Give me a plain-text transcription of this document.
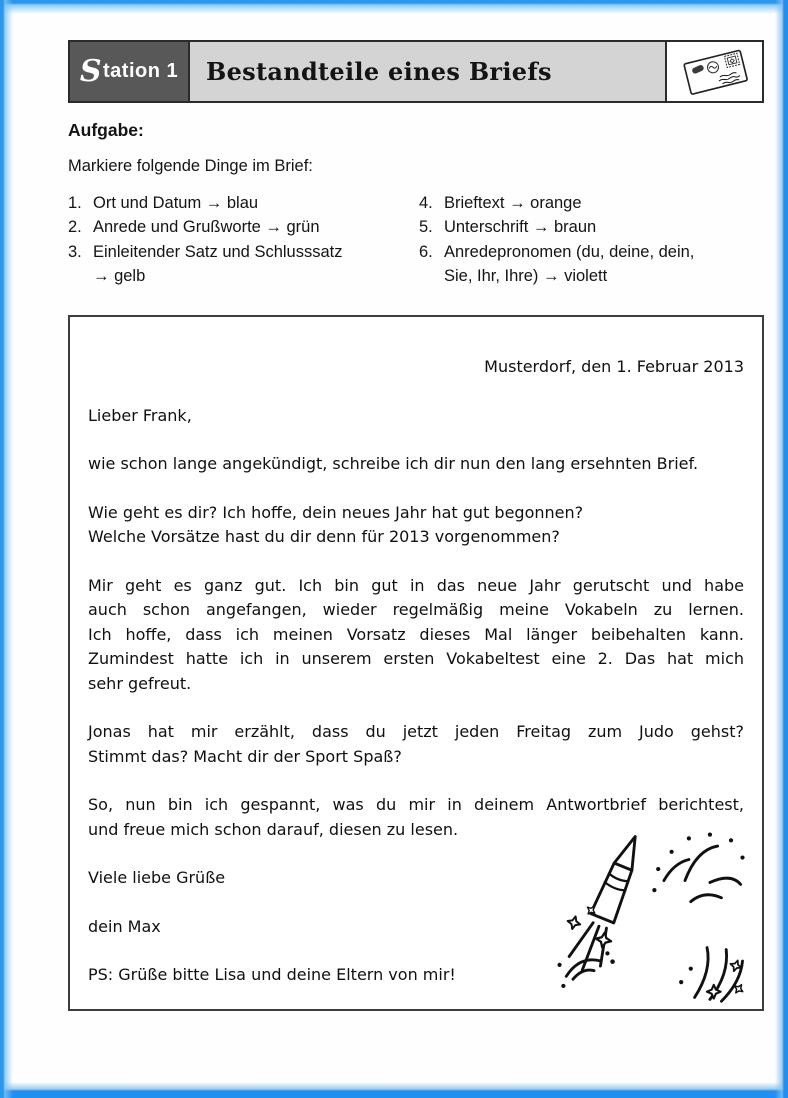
S tation 1 Bestandteile eines Briefs
Aufgabe:
Markiere folgende Dinge im Brief:
1. Ort und Datum → blau
2. Anrede und Grußworte → grün
3. Einleitender Satz und Schlusssatz
→ gelb
4. Brieftext → orange
5. Unterschrift → braun
6. Anredepronomen (du, deine, dein,
Sie, Ihr, Ihre) → violett
Musterdorf, den 1. Februar 2013
Lieber Frank,
wie schon lange angekündigt, schreibe ich dir nun den lang ersehnten Brief.
Wie geht es dir? Ich hoffe, dein neues Jahr hat gut begonnen?
Welche Vorsätze hast du dir denn für 2013 vorgenommen?
Mir geht es ganz gut. Ich bin gut in das neue Jahr gerutscht und habe
auch schon angefangen, wieder regelmäßig meine Vokabeln zu lernen.
Ich hoffe, dass ich meinen Vorsatz dieses Mal länger beibehalten kann.
Zumindest hatte ich in unserem ersten Vokabeltest eine 2. Das hat mich
sehr gefreut.
Jonas hat mir erzählt, dass du jetzt jeden Freitag zum Judo gehst?
Stimmt das? Macht dir der Sport Spaß?
So, nun bin ich gespannt, was du mir in deinem Antwortbrief berichtest,
und freue mich schon darauf, diesen zu lesen.
Viele liebe Grüße
dein Max
PS: Grüße bitte Lisa und deine Eltern von mir!
